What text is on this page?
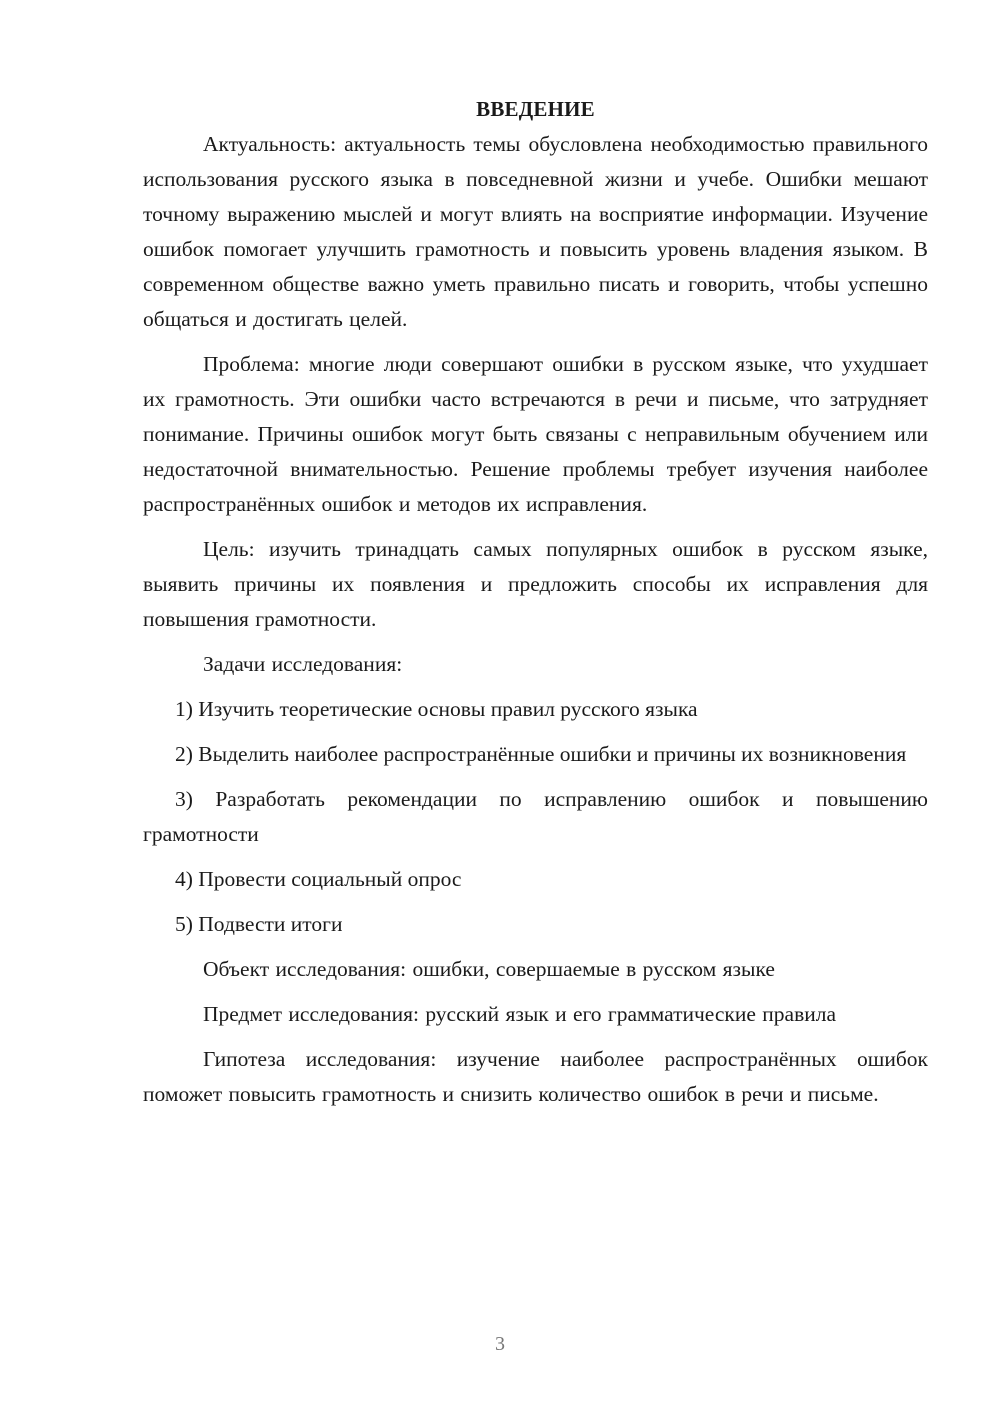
ВВЕДЕНИЕ

Актуальность: актуальность темы обусловлена необходимостью правильного использования русского языка в повседневной жизни и учебе. Ошибки мешают точному выражению мыслей и могут влиять на восприятие информации. Изучение ошибок помогает улучшить грамотность и повысить уровень владения языком. В современном обществе важно уметь правильно писать и говорить, чтобы успешно общаться и достигать целей.

Проблема: многие люди совершают ошибки в русском языке, что ухудшает их грамотность. Эти ошибки часто встречаются в речи и письме, что затрудняет понимание. Причины ошибок могут быть связаны с неправильным обучением или недостаточной внимательностью. Решение проблемы требует изучения наиболее распространённых ошибок и методов их исправления.

Цель: изучить тринадцать самых популярных ошибок в русском языке, выявить причины их появления и предложить способы их исправления для повышения грамотности.

Задачи исследования:

1) Изучить теоретические основы правил русского языка

2) Выделить наиболее распространённые ошибки и причины их возникновения

3) Разработать рекомендации по исправлению ошибок и повышению грамотности

4) Провести социальный опрос

5) Подвести итоги

Объект исследования: ошибки, совершаемые в русском языке

Предмет исследования: русский язык и его грамматические правила

Гипотеза исследования: изучение наиболее распространённых ошибок поможет повысить грамотность и снизить количество ошибок в речи и письме.

3
